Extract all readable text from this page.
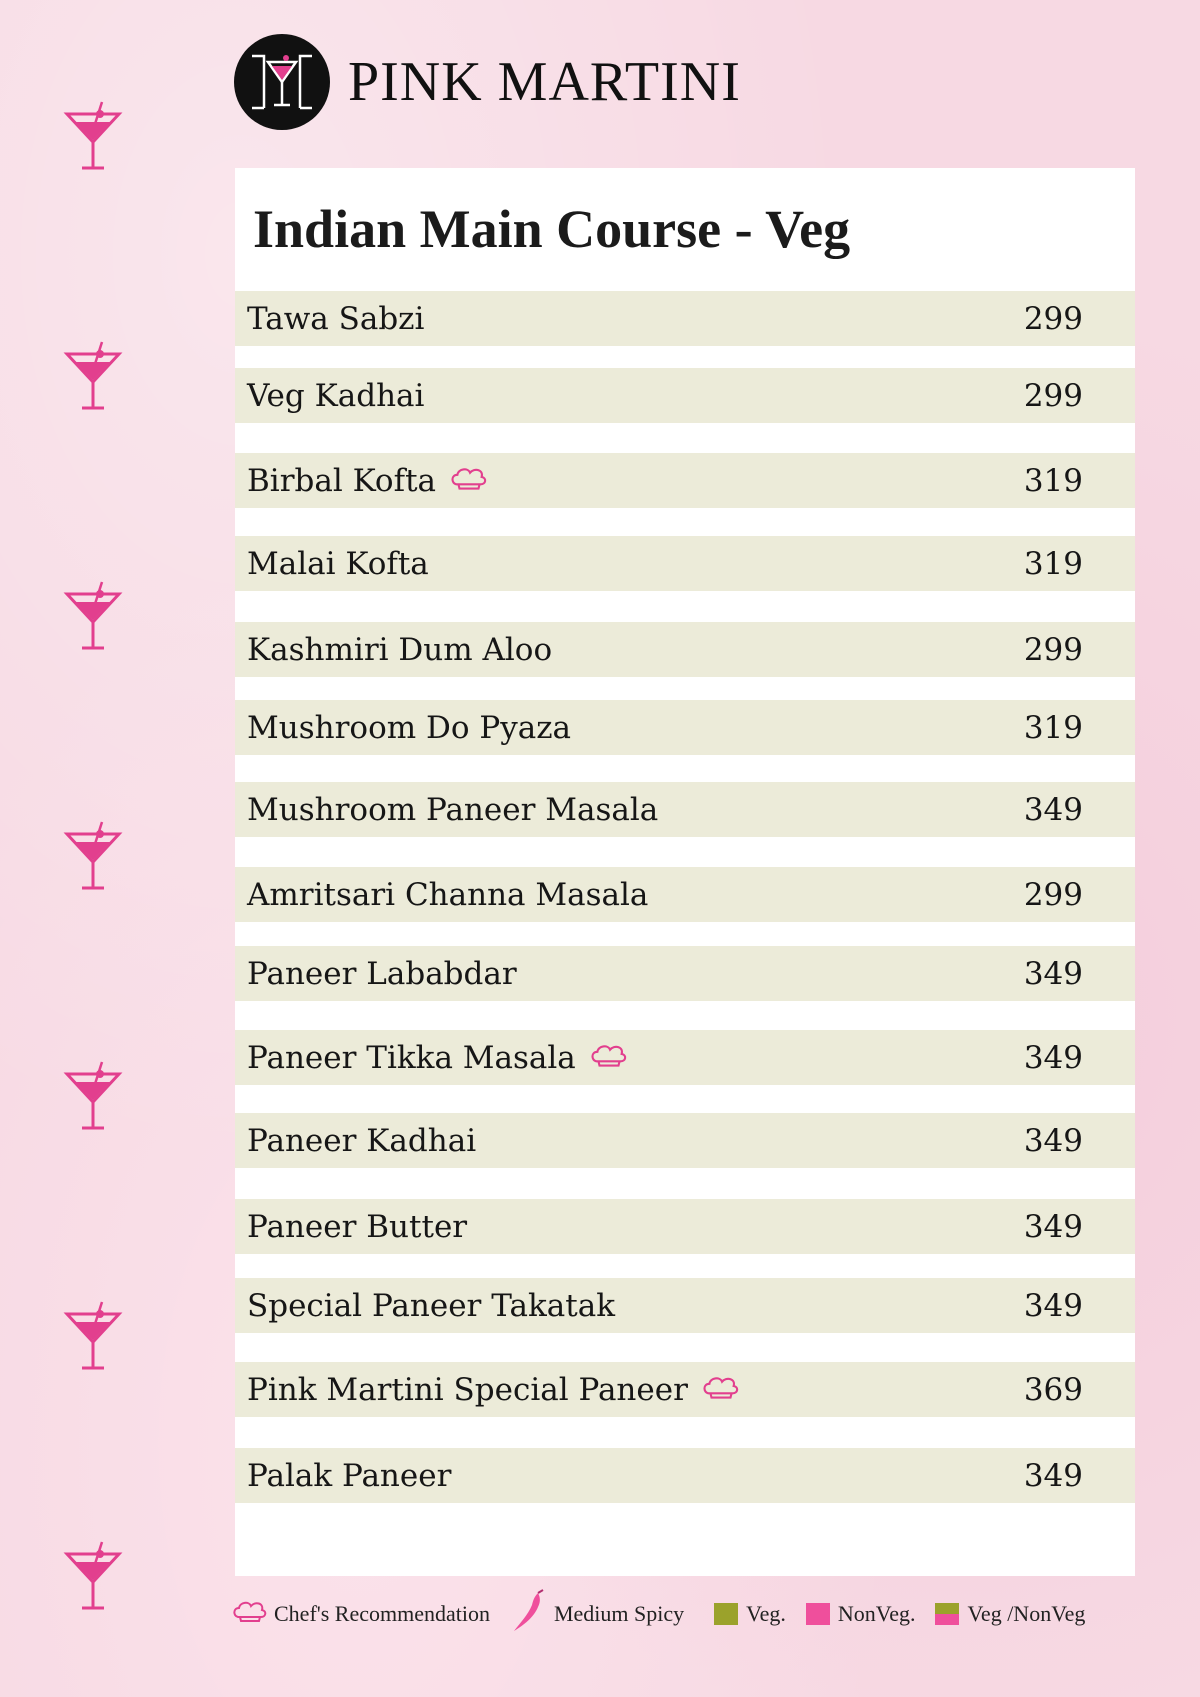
PINK MARTINI
Indian Main Course - Veg
Tawa Sabzi	299
Veg Kadhai	299
Birbal Kofta	319
Malai Kofta	319
Kashmiri Dum Aloo	299
Mushroom Do Pyaza	319
Mushroom Paneer Masala	349
Amritsari Channa Masala	299
Paneer Lababdar	349
Paneer Tikka Masala	349
Paneer Kadhai	349
Paneer Butter	349
Special Paneer Takatak	349
Pink Martini Special Paneer	369
Palak Paneer	349
Chef's Recommendation	Medium Spicy	Veg. NonVeg. Veg /NonVeg
